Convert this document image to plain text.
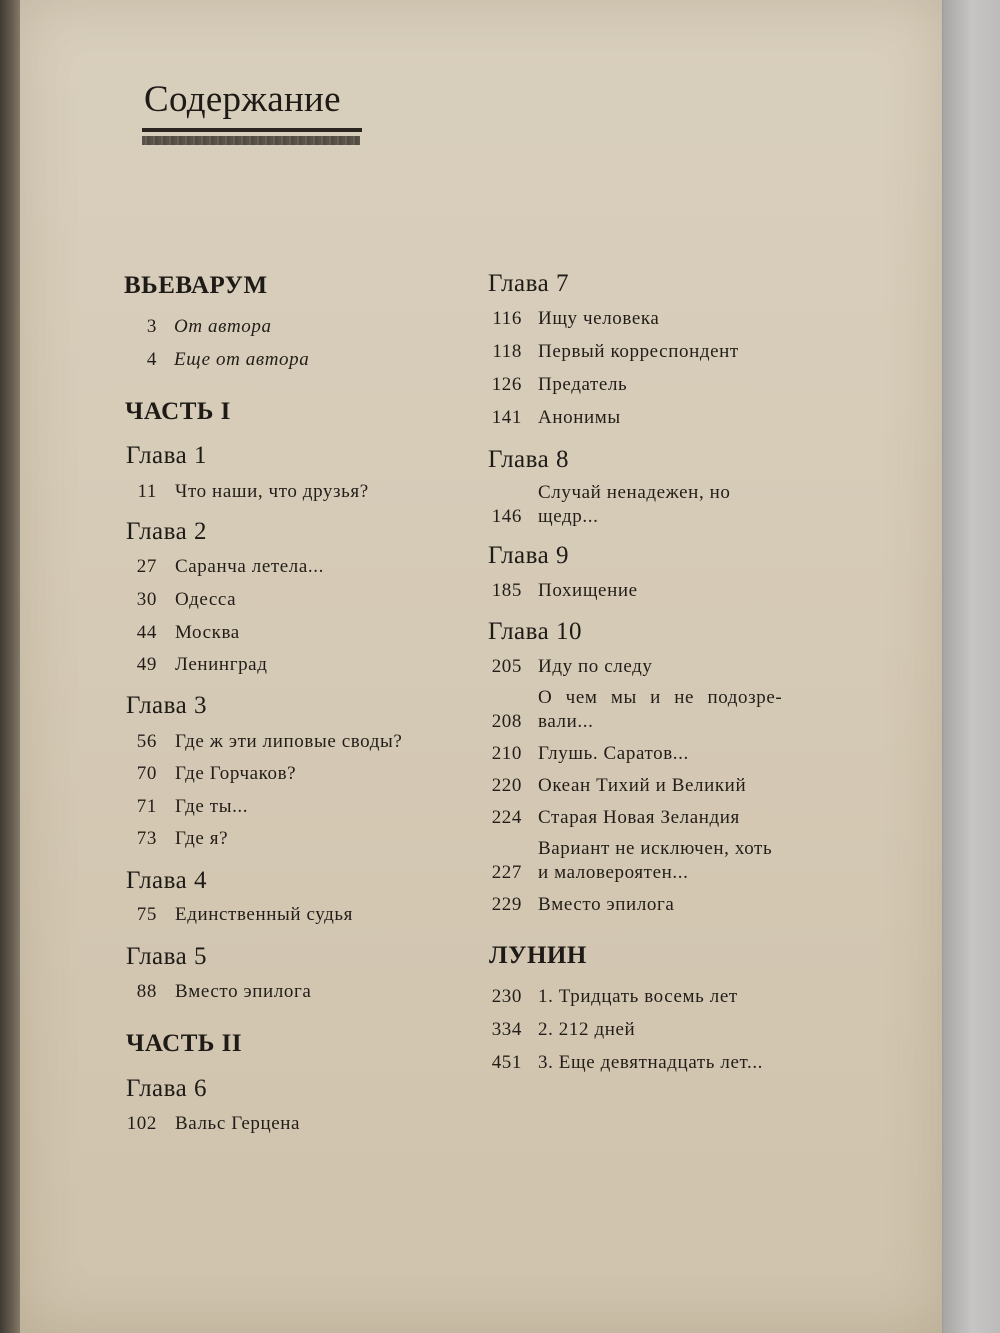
Содержание
ВЬЕВАРУМ
3 От автора
4 Еще от автора
ЧАСТЬ I
Глава 1
11 Что наши, что друзья?
Глава 2
27 Саранча летела...
30 Одесса
44 Москва
49 Ленинград
Глава 3
56 Где ж эти липовые своды?
70 Где Горчаков?
71 Где ты...
73 Где я?
Глава 4
75 Единственный судья
Глава 5
88 Вместо эпилога
ЧАСТЬ II
Глава 6
102 Вальс Герцена
Глава 7
116 Ищу человека
118 Первый корреспондент
126 Предатель
141 Анонимы
Глава 8
Случай ненадежен, но
146 щедр...
Глава 9
185 Похищение
Глава 10
205 Иду по следу
О чем мы и не подозре-
208 вали...
210 Глушь. Саратов...
220 Океан Тихий и Великий
224 Старая Новая Зеландия
Вариант не исключен, хоть
227 и маловероятен...
229 Вместо эпилога
ЛУНИН
230 1. Тридцать восемь лет
334 2. 212 дней
451 3. Еще девятнадцать лет...
